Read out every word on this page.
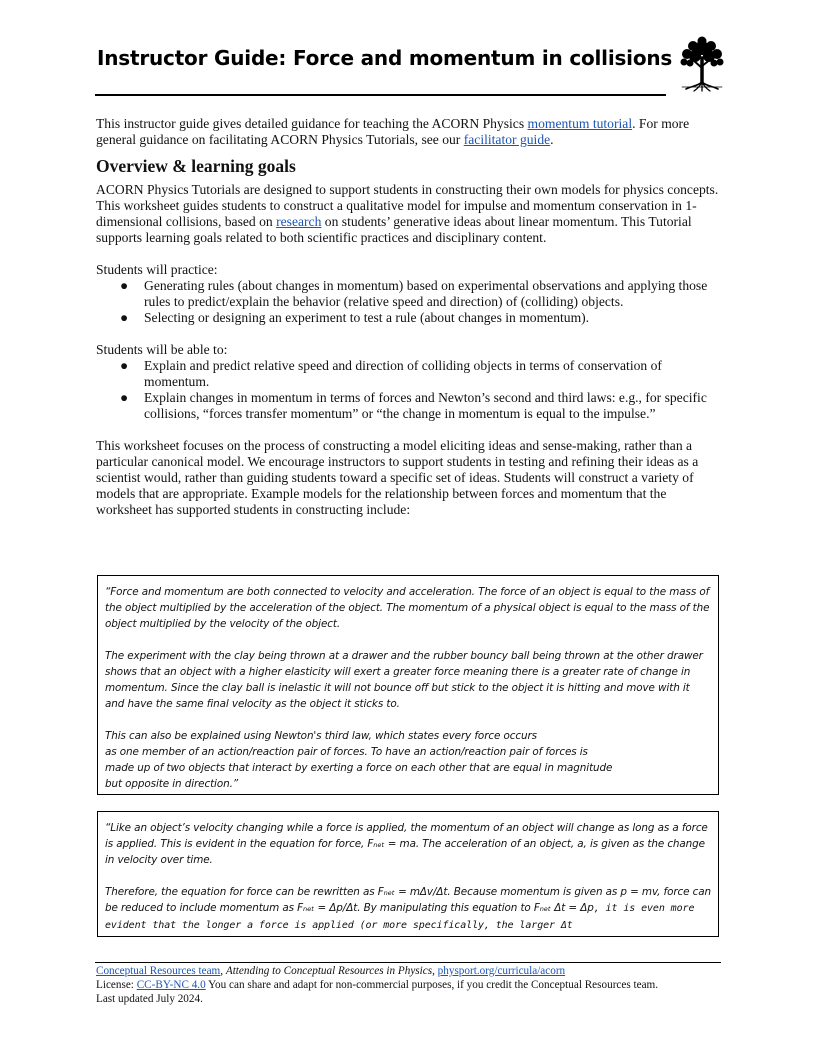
Instructor Guide: Force and momentum in collisions

This instructor guide gives detailed guidance for teaching the ACORN Physics momentum tutorial. For more general guidance on facilitating ACORN Physics Tutorials, see our facilitator guide.

Overview & learning goals

ACORN Physics Tutorials are designed to support students in constructing their own models for physics concepts. This worksheet guides students to construct a qualitative model for impulse and momentum conservation in 1-dimensional collisions, based on research on students’ generative ideas about linear momentum. This Tutorial supports learning goals related to both scientific practices and disciplinary content.

Students will practice:

● Generating rules (about changes in momentum) based on experimental observations and applying those rules to predict/explain the behavior (relative speed and direction) of (colliding) objects.
● Selecting or designing an experiment to test a rule (about changes in momentum).

Students will be able to:

● Explain and predict relative speed and direction of colliding objects in terms of conservation of momentum.
● Explain changes in momentum in terms of forces and Newton’s second and third laws: e.g., for specific collisions, “forces transfer momentum” or “the change in momentum is equal to the impulse.”

This worksheet focuses on the process of constructing a model eliciting ideas and sense-making, rather than a particular canonical model. We encourage instructors to support students in testing and refining their ideas as a scientist would, rather than guiding students toward a specific set of ideas. Students will construct a variety of models that are appropriate. Example models for the relationship between forces and momentum that the worksheet has supported students in constructing include:

“Force and momentum are both connected to velocity and acceleration. The force of an object is equal to the mass of the object multiplied by the acceleration of the object. The momentum of a physical object is equal to the mass of the object multiplied by the velocity of the object.

The experiment with the clay being thrown at a drawer and the rubber bouncy ball being thrown at the other drawer shows that an object with a higher elasticity will exert a greater force meaning there is a greater rate of change in momentum. Since the clay ball is inelastic it will not bounce off but stick to the object it is hitting and move with it and have the same final velocity as the object it sticks to.

This can also be explained using Newton's third law, which states every force occurs
as one member of an action/reaction pair of forces. To have an action/reaction pair of forces is
made up of two objects that interact by exerting a force on each other that are equal in magnitude
but opposite in direction.”

“Like an object’s velocity changing while a force is applied, the momentum of an object will change as long as a force is applied. This is evident in the equation for force, Fₙₑₜ = ma. The acceleration of an object, a, is given as the change in velocity over time.

Therefore, the equation for force can be rewritten as Fₙₑₜ = mΔv/Δt. Because momentum is given as p = mv, force can be reduced to include momentum as Fₙₑₜ = Δp/Δt. By manipulating this equation to Fₙₑₜ Δt = Δp, it is even more evident that the longer a force is applied (or more specifically, the larger Δt

Conceptual Resources team, Attending to Conceptual Resources in Physics, physport.org/curricula/acorn

License: CC-BY-NC 4.0 You can share and adapt for non-commercial purposes, if you credit the Conceptual Resources team.

Last updated July 2024.
